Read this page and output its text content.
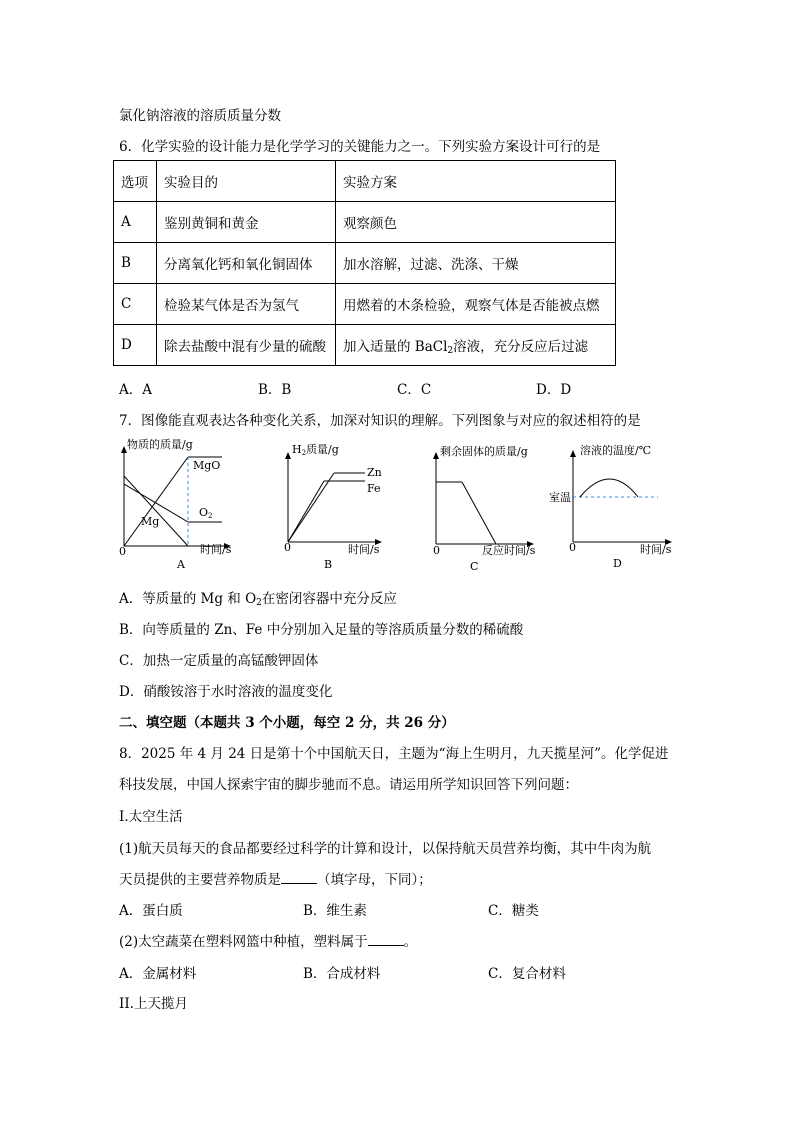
氯化钠溶液的溶质质量分数
6．化学实验的设计能力是化学学习的关键能力之一。下列实验方案设计可行的是
选项	实验目的	实验方案
A	鉴别黄铜和黄金	观察颜色
B	分离氧化钙和氧化铜固体	加水溶解，过滤、洗涤、干燥
C	检验某气体是否为氢气	用燃着的木条检验，观察气体是否能被点燃
D	除去盐酸中混有少量的硫酸	加入适量的 BaCl$_2$溶液，充分反应后过滤
A．A	B．B	C．C	D．D
7．图像能直观表达各种变化关系，加深对知识的理解。下列图象与对应的叙述相符的是
物质的质量/g
MgO
O2
Mg
0	时间/s
A
H2质量/g
Zn
Fe
0	时间/s
B
剩余固体的质量/g
0	反应时间/s
C
溶液的温度/℃
室温
0	时间/s
D
A．等质量的 Mg 和 $O_2$在密闭容器中充分反应
B．向等质量的 Zn、Fe 中分别加入足量的等溶质质量分数的稀硫酸
C．加热一定质量的高锰酸钾固体
D．硝酸铵溶于水时溶液的温度变化
二、填空题（本题共 3 个小题，每空 2 分，共 26 分）
8．2025 年 4 月 24 日是第十个中国航天日，主题为“海上生明月，九天揽星河”。化学促进
科技发展，中国人探索宇宙的脚步驰而不息。请运用所学知识回答下列问题：
I.太空生活
(1)航天员每天的食品都要经过科学的计算和设计，以保持航天员营养均衡，其中牛肉为航
天员提供的主要营养物质是	（填字母，下同）；
A．蛋白质	B．维生素	C．糖类
(2)太空蔬菜在塑料网篮中种植，塑料属于	。
A．金属材料	B．合成材料	C．复合材料
II.上天揽月
